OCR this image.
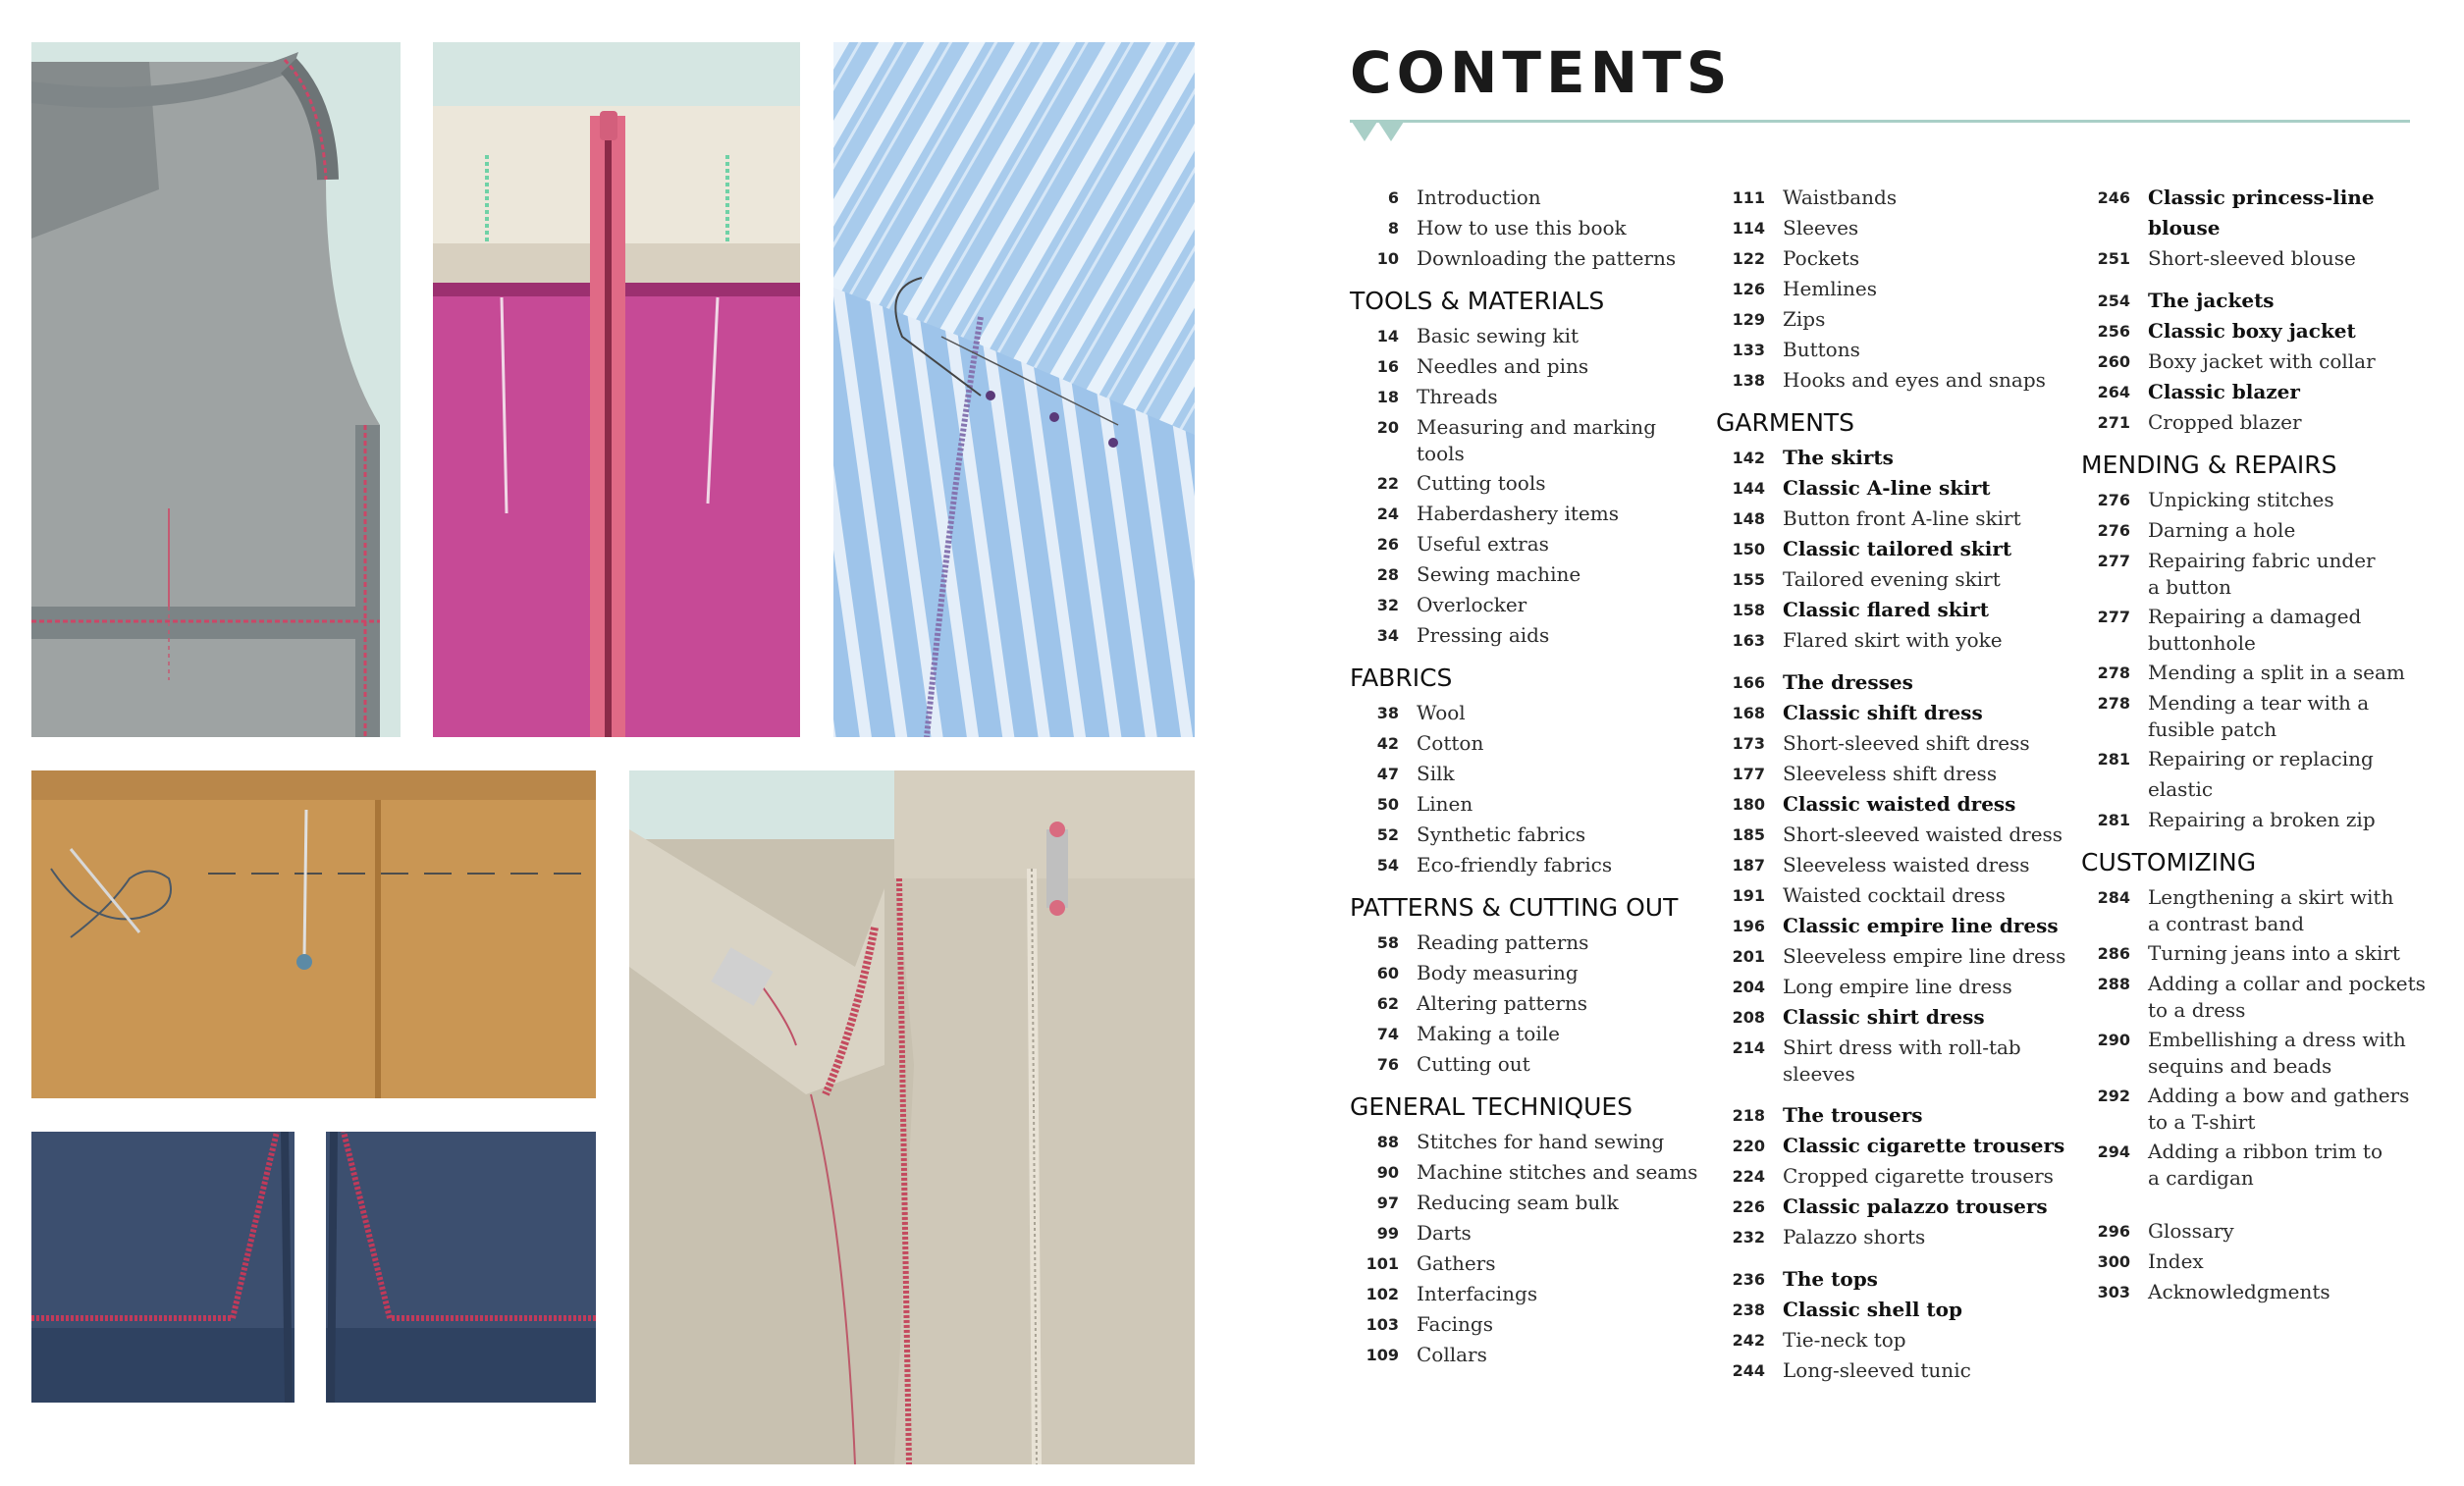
CONTENTS
6 Introduction
8 How to use this book
10 Downloading the patterns
TOOLS & MATERIALS
14 Basic sewing kit
16 Needles and pins
18 Threads
20 Measuring and marking
tools
22 Cutting tools
24 Haberdashery items
26 Useful extras
28 Sewing machine
32 Overlocker
34 Pressing aids
FABRICS
38 Wool
42 Cotton
47 Silk
50 Linen
52 Synthetic fabrics
54 Eco-friendly fabrics
PATTERNS & CUTTING OUT
58 Reading patterns
60 Body measuring
62 Altering patterns
74 Making a toile
76 Cutting out
GENERAL TECHNIQUES
88 Stitches for hand sewing
90 Machine stitches and seams
97 Reducing seam bulk
99 Darts
101 Gathers
102 Interfacings
103 Facings
109 Collars
111 Waistbands
114 Sleeves
122 Pockets
126 Hemlines
129 Zips
133 Buttons
138 Hooks and eyes and snaps
GARMENTS
142 The skirts
144 Classic A-line skirt
148 Button front A-line skirt
150 Classic tailored skirt
155 Tailored evening skirt
158 Classic flared skirt
163 Flared skirt with yoke
166 The dresses
168 Classic shift dress
173 Short-sleeved shift dress
177 Sleeveless shift dress
180 Classic waisted dress
185 Short-sleeved waisted dress
187 Sleeveless waisted dress
191 Waisted cocktail dress
196 Classic empire line dress
201 Sleeveless empire line dress
204 Long empire line dress
208 Classic shirt dress
214 Shirt dress with roll-tab
sleeves
218 The trousers
220 Classic cigarette trousers
224 Cropped cigarette trousers
226 Classic palazzo trousers
232 Palazzo shorts
236 The tops
238 Classic shell top
242 Tie-neck top
244 Long-sleeved tunic
246 Classic princess-line blouse
251 Short-sleeved blouse
254 The jackets
256 Classic boxy jacket
260 Boxy jacket with collar
264 Classic blazer
271 Cropped blazer
MENDING & REPAIRS
276 Unpicking stitches
276 Darning a hole
277 Repairing fabric under
a button
277 Repairing a damaged
buttonhole
278 Mending a split in a seam
278 Mending a tear with a
fusible patch
281 Repairing or replacing elastic
281 Repairing a broken zip
CUSTOMIZING
284 Lengthening a skirt with
a contrast band
286 Turning jeans into a skirt
288 Adding a collar and pockets
to a dress
290 Embellishing a dress with
sequins and beads
292 Adding a bow and gathers
to a T-shirt
294 Adding a ribbon trim to
a cardigan
296 Glossary
300 Index
303 Acknowledgments
